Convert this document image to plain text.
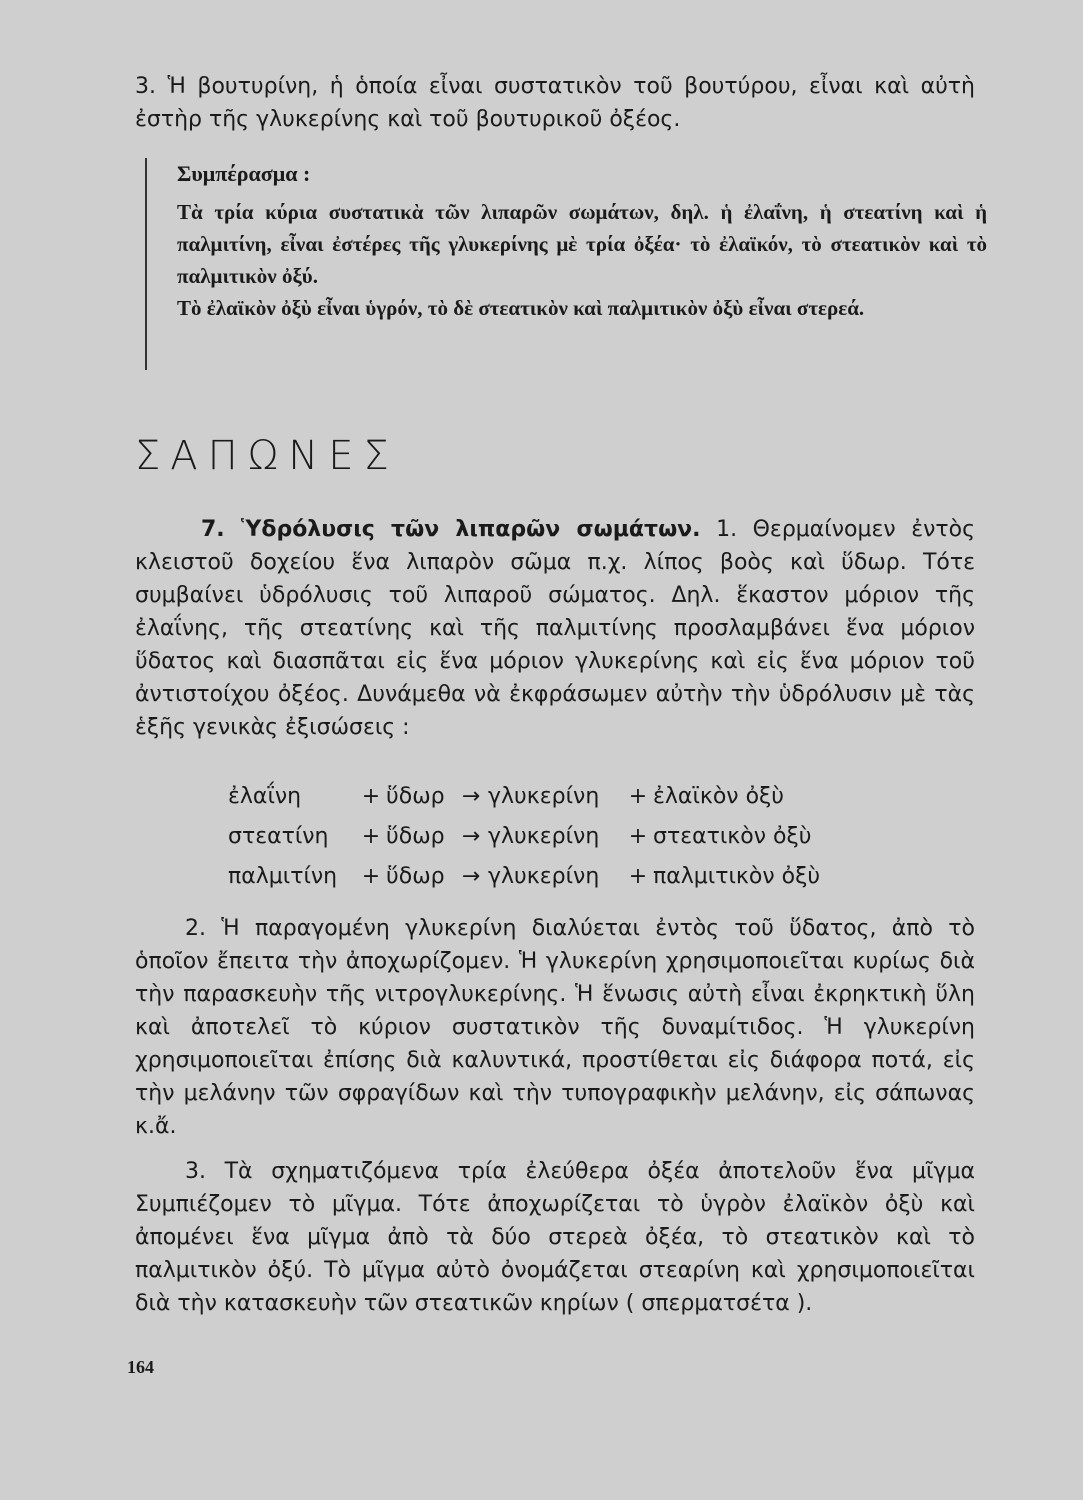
3. Ἡ βουτυρίνη, ἡ ὁποία εἶναι συστατικὸν τοῦ βουτύρου, εἶναι καὶ αὐτὴ ἐστὴρ τῆς γλυκερίνης καὶ τοῦ βουτυρικοῦ ὀξέος.
Συμπέρασμα :
Τὰ τρία κύρια συστατικὰ τῶν λιπαρῶν σωμάτων, δηλ. ἡ ἐλαΐνη, ἡ στεατίνη καὶ ἡ παλμιτίνη, εἶναι ἐστέρες τῆς γλυκερίνης μὲ τρία ὀξέα· τὸ ἐλαϊκόν, τὸ στεατικὸν καὶ τὸ παλμιτικὸν ὀξύ.
Τὸ ἐλαϊκὸν ὀξὺ εἶναι ὑγρόν, τὸ δὲ στεατικὸν καὶ παλμιτικὸν ὀξὺ εἶναι στερεά.
ΣΑΠΩΝΕΣ
7. Ὑδρόλυσις τῶν λιπαρῶν σωμάτων. 1. Θερμαίνομεν ἐντὸς κλειστοῦ δοχείου ἕνα λιπαρὸν σῶμα π.χ. λίπος βοὸς καὶ ὕδωρ. Τότε συμβαίνει ὑδρόλυσις τοῦ λιπαροῦ σώματος. Δηλ. ἕκαστον μόριον τῆς ἐλαΐνης, τῆς στεατίνης καὶ τῆς παλμιτίνης προσλαμβάνει ἕνα μόριον ὕδατος καὶ διασπᾶται εἰς ἕνα μόριον γλυκερίνης καὶ εἰς ἕνα μόριον τοῦ ἀντιστοίχου ὀξέος. Δυνάμεθα νὰ ἐκφράσωμεν αὐτὴν τὴν ὑδρόλυσιν μὲ τὰς ἑξῆς γενικὰς ἐξισώσεις :
ἐλαΐνη	+ ὕδωρ → γλυκερίνη + ἐλαϊκὸν ὀξὺ
στεατίνη + ὕδωρ → γλυκερίνη + στεατικὸν ὀξὺ
παλμιτίνη + ὕδωρ → γλυκερίνη + παλμιτικὸν ὀξὺ
2. Ἡ παραγομένη γλυκερίνη διαλύεται ἐντὸς τοῦ ὕδατος, ἀπὸ τὸ ὁποῖον ἔπειτα τὴν ἀποχωρίζομεν. Ἡ γλυκερίνη χρησιμοποιεῖται κυρίως διὰ τὴν παρασκευὴν τῆς νιτρογλυκερίνης. Ἡ ἕνωσις αὐτὴ εἶναι ἐκρηκτικὴ ὕλη καὶ ἀποτελεῖ τὸ κύριον συστατικὸν τῆς δυναμίτιδος. Ἡ γλυκερίνη χρησιμοποιεῖται ἐπίσης διὰ καλυντικά, προστίθεται εἰς διάφορα ποτά, εἰς τὴν μελάνην τῶν σφραγίδων καὶ τὴν τυπογραφικὴν μελάνην, εἰς σάπωνας κ.ἄ.
3. Τὰ σχηματιζόμενα τρία ἐλεύθερα ὀξέα ἀποτελοῦν ἕνα μῖγμα Συμπιέζομεν τὸ μῖγμα. Τότε ἀποχωρίζεται τὸ ὑγρὸν ἐλαϊκὸν ὀξὺ καὶ ἀπομένει ἕνα μῖγμα ἀπὸ τὰ δύο στερεὰ ὀξέα, τὸ στεατικὸν καὶ τὸ παλμιτικὸν ὀξύ. Τὸ μῖγμα αὐτὸ ὀνομάζεται στεαρίνη καὶ χρησιμοποιεῖται διὰ τὴν κατασκευὴν τῶν στεατικῶν κηρίων ( σπερματσέτα ).
164
